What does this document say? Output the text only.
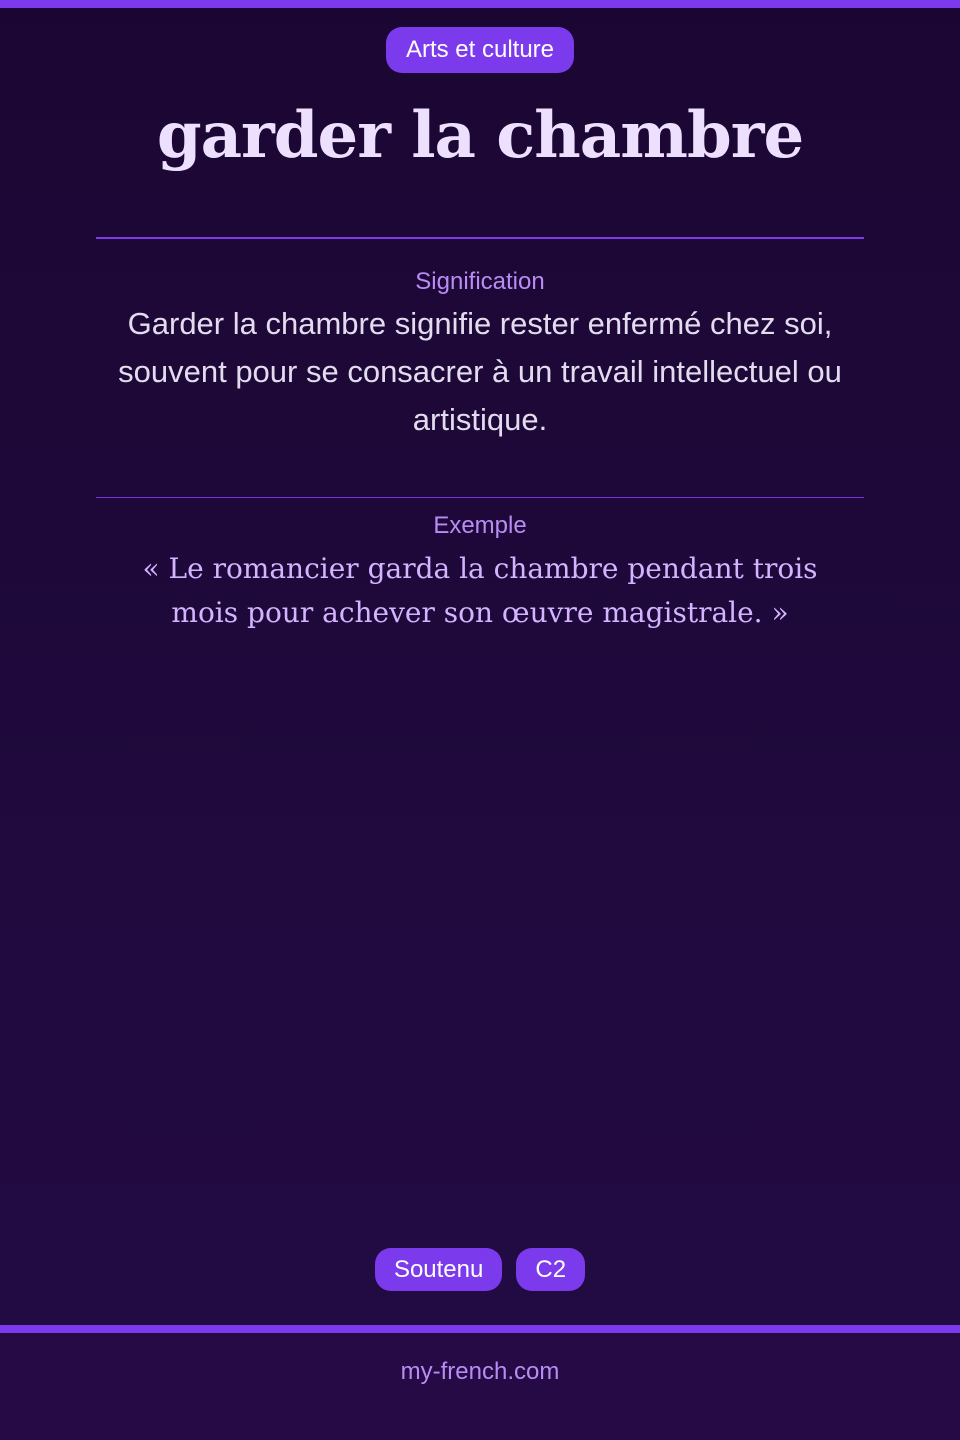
Arts et culture
garder la chambre
Signification
Garder la chambre signifie rester enfermé chez soi, souvent pour se consacrer à un travail intellectuel ou artistique.
Exemple
« Le romancier garda la chambre pendant trois mois pour achever son œuvre magistrale. »
Soutenu	C2
my-french.com
